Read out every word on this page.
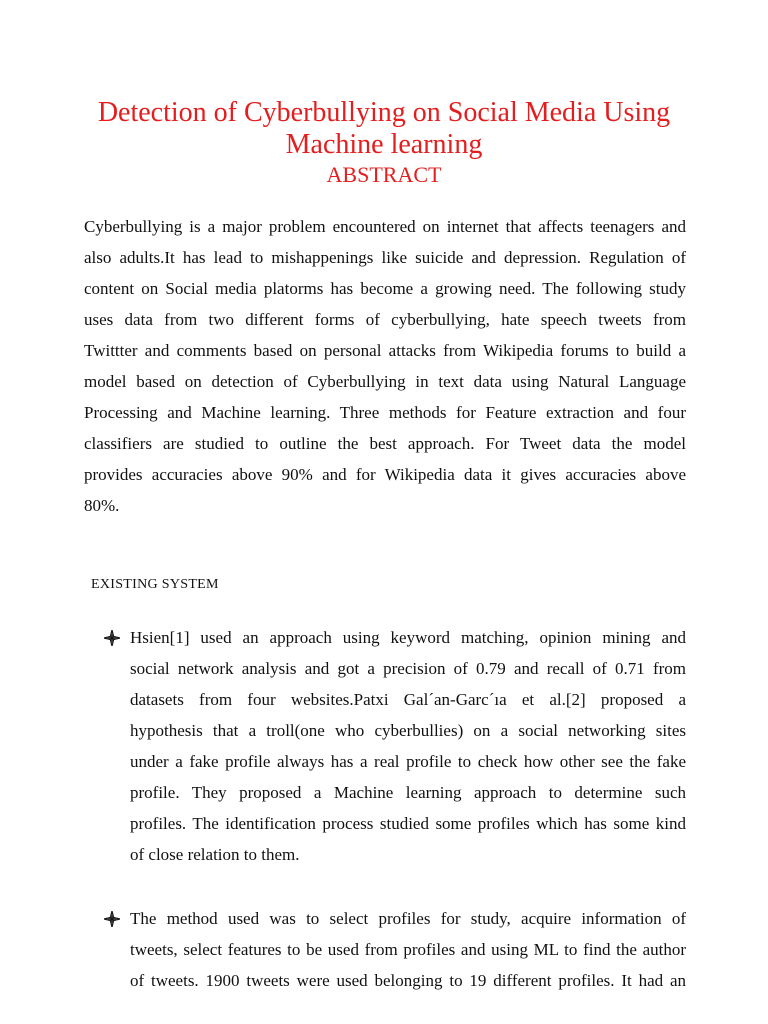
Detection of Cyberbullying on Social Media Using
Machine learning
ABSTRACT
Cyberbullying is a major problem encountered on internet that affects teenagers and
also adults.It has lead to mishappenings like suicide and depression. Regulation of
content on Social media platorms has become a growing need. The following study
uses data from two different forms of cyberbullying, hate speech tweets from
Twittter and comments based on personal attacks from Wikipedia forums to build a
model based on detection of Cyberbullying in text data using Natural Language
Processing and Machine learning. Three methods for Feature extraction and four
classifiers are studied to outline the best approach. For Tweet data the model
provides accuracies above 90% and for Wikipedia data it gives accuracies above
80%.
EXISTING SYSTEM
Hsien[1] used an approach using keyword matching, opinion mining and
social network analysis and got a precision of 0.79 and recall of 0.71 from
datasets from four websites.Patxi Gal´an-Garc´ıa et al.[2] proposed a
hypothesis that a troll(one who cyberbullies) on a social networking sites
under a fake profile always has a real profile to check how other see the fake
profile. They proposed a Machine learning approach to determine such
profiles. The identification process studied some profiles which has some kind
of close relation to them.
The method used was to select profiles for study, acquire information of
tweets, select features to be used from profiles and using ML to find the author
of tweets. 1900 tweets were used belonging to 19 different profiles. It had an
